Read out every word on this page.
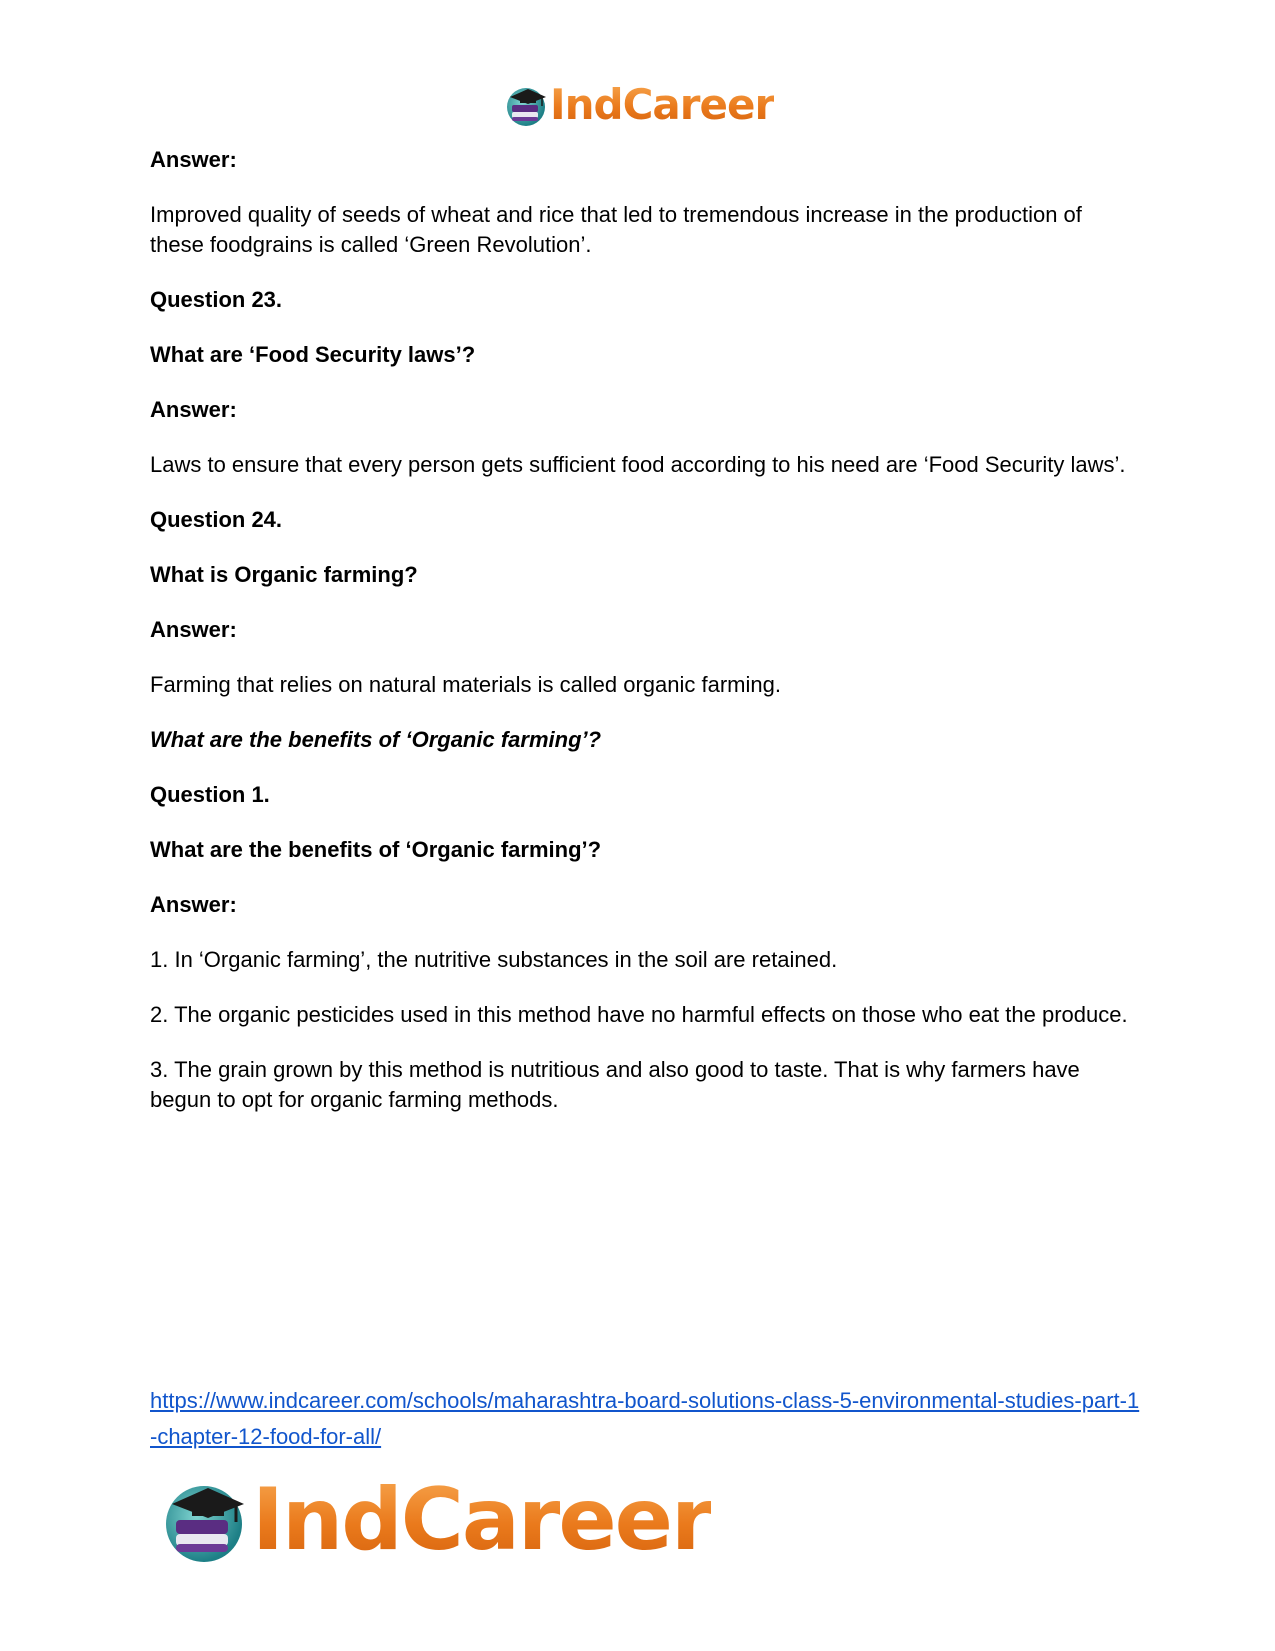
IndCareer

Answer:

Improved quality of seeds of wheat and rice that led to tremendous increase in the production of these foodgrains is called ‘Green Revolution’.

Question 23.

What are ‘Food Security laws’?

Answer:

Laws to ensure that every person gets sufficient food according to his need are ‘Food Security laws’.

Question 24.

What is Organic farming?

Answer:

Farming that relies on natural materials is called organic farming.

What are the benefits of ‘Organic farming’?

Question 1.

What are the benefits of ‘Organic farming’?

Answer:

1. In ‘Organic farming’, the nutritive substances in the soil are retained.

2. The organic pesticides used in this method have no harmful effects on those who eat the produce.

3. The grain grown by this method is nutritious and also good to taste. That is why farmers have begun to opt for organic farming methods.

https://www.indcareer.com/schools/maharashtra-board-solutions-class-5-environmental-studies-part-1-chapter-12-food-for-all/
IndCareer
